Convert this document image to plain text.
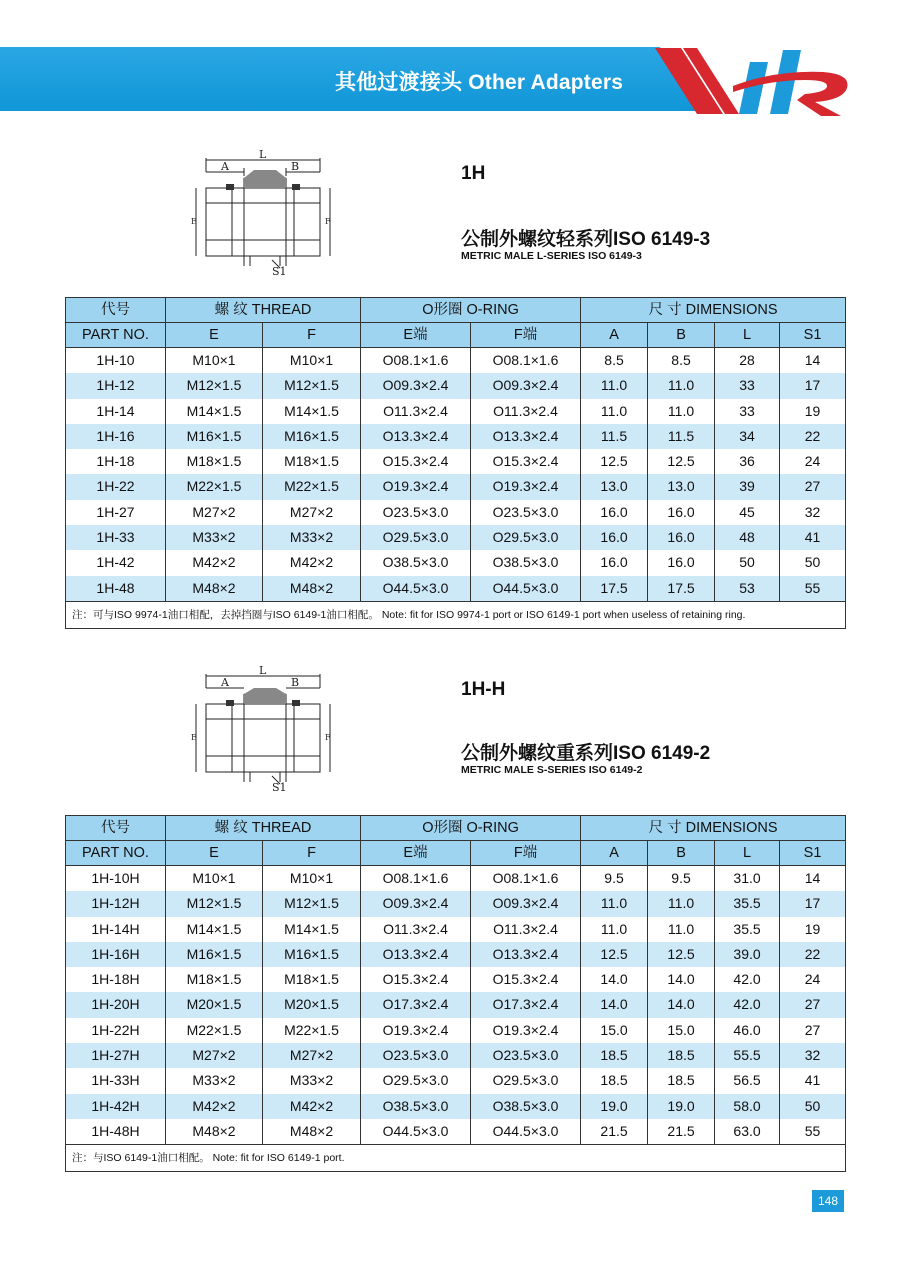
其他过渡接头 Other Adapters
L
A	B
E	F
S1
1H
公制外螺纹轻系列ISO 6149-3
METRIC MALE L-SERIES ISO 6149-3
代号	螺 纹 THREAD		O形圈 O-RING		尺 寸 DIMENSIONS			
PART NO.	E	F	E端	F端	A	B	L	S1
1H-10	M10×1	M10×1	O08.1×1.6	O08.1×1.6	8.5	8.5	28	14
1H-12	M12×1.5	M12×1.5	O09.3×2.4	O09.3×2.4	11.0	11.0	33	17
1H-14	M14×1.5	M14×1.5	O11.3×2.4	O11.3×2.4	11.0	11.0	33	19
1H-16	M16×1.5	M16×1.5	O13.3×2.4	O13.3×2.4	11.5	11.5	34	22
1H-18	M18×1.5	M18×1.5	O15.3×2.4	O15.3×2.4	12.5	12.5	36	24
1H-22	M22×1.5	M22×1.5	O19.3×2.4	O19.3×2.4	13.0	13.0	39	27
1H-27	M27×2	M27×2	O23.5×3.0	O23.5×3.0	16.0	16.0	45	32
1H-33	M33×2	M33×2	O29.5×3.0	O29.5×3.0	16.0	16.0	48	41
1H-42	M42×2	M42×2	O38.5×3.0	O38.5×3.0	16.0	16.0	50	50
1H-48	M48×2	M48×2	O44.5×3.0	O44.5×3.0	17.5	17.5	53	55
注：可与ISO 9974-1油口相配，去掉挡圈与ISO 6149-1油口相配。 Note: fit for ISO 9974-1 port or ISO 6149-1 port when useless of retaining ring.								
L
A	B
E	F
S1
1H-H
公制外螺纹重系列ISO 6149-2
METRIC MALE S-SERIES ISO 6149-2
代号	螺 纹 THREAD		O形圈 O-RING		尺 寸 DIMENSIONS			
PART NO.	E	F	E端	F端	A	B	L	S1
1H-10H	M10×1	M10×1	O08.1×1.6	O08.1×1.6	9.5	9.5	31.0	14
1H-12H	M12×1.5	M12×1.5	O09.3×2.4	O09.3×2.4	11.0	11.0	35.5	17
1H-14H	M14×1.5	M14×1.5	O11.3×2.4	O11.3×2.4	11.0	11.0	35.5	19
1H-16H	M16×1.5	M16×1.5	O13.3×2.4	O13.3×2.4	12.5	12.5	39.0	22
1H-18H	M18×1.5	M18×1.5	O15.3×2.4	O15.3×2.4	14.0	14.0	42.0	24
1H-20H	M20×1.5	M20×1.5	O17.3×2.4	O17.3×2.4	14.0	14.0	42.0	27
1H-22H	M22×1.5	M22×1.5	O19.3×2.4	O19.3×2.4	15.0	15.0	46.0	27
1H-27H	M27×2	M27×2	O23.5×3.0	O23.5×3.0	18.5	18.5	55.5	32
1H-33H	M33×2	M33×2	O29.5×3.0	O29.5×3.0	18.5	18.5	56.5	41
1H-42H	M42×2	M42×2	O38.5×3.0	O38.5×3.0	19.0	19.0	58.0	50
1H-48H	M48×2	M48×2	O44.5×3.0	O44.5×3.0	21.5	21.5	63.0	55
注：与ISO 6149-1油口相配。 Note: fit for ISO 6149-1 port.								
148
